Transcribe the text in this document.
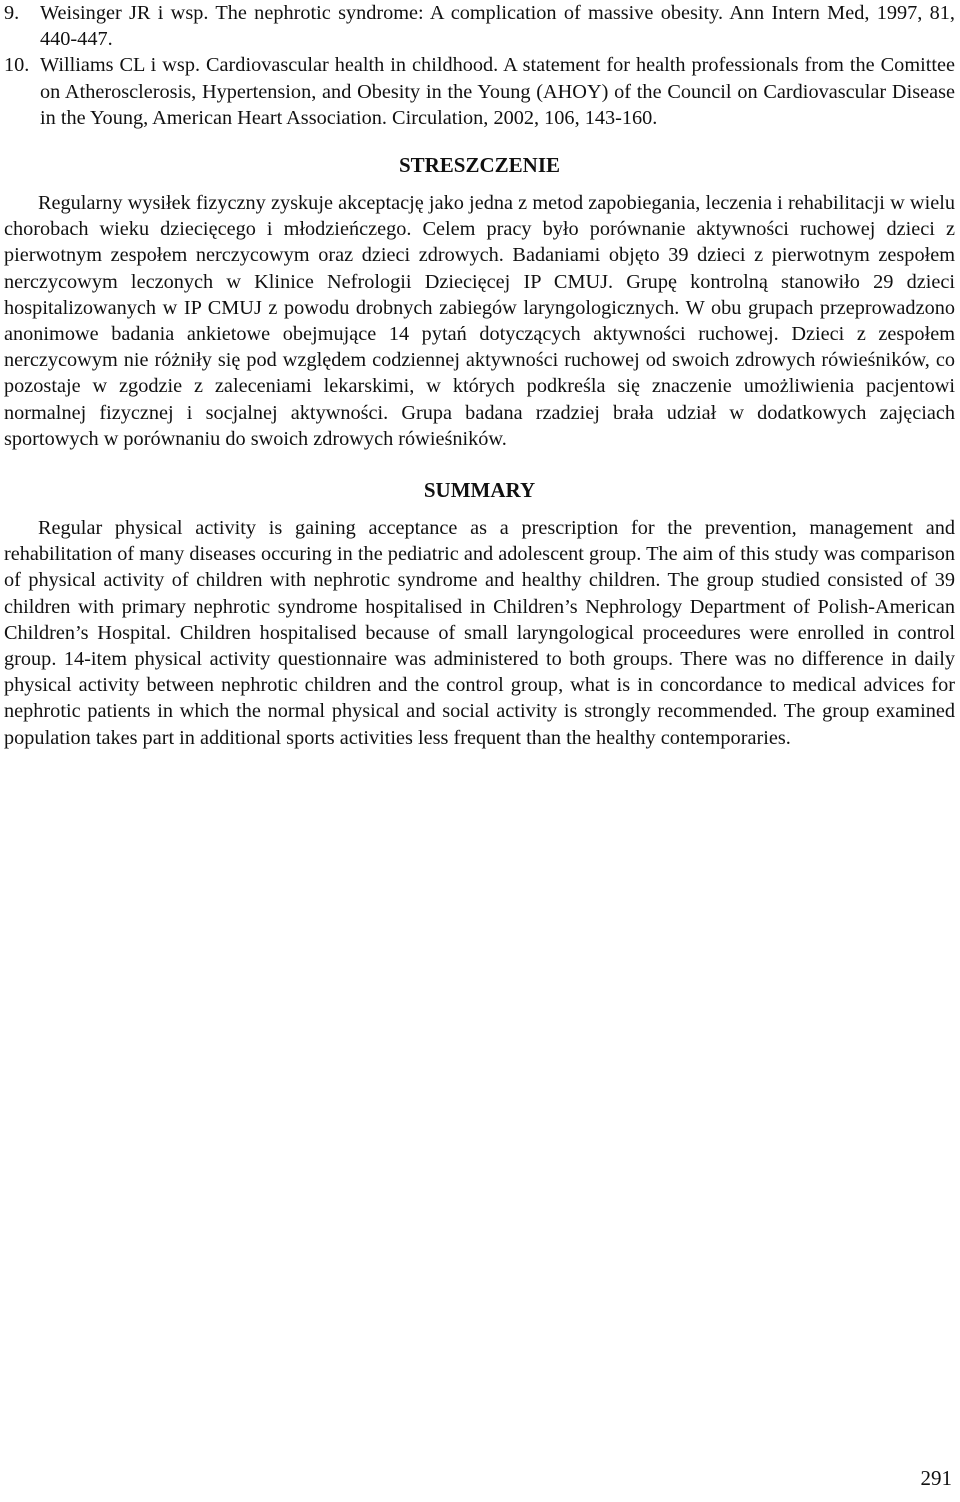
9.	Weisinger JR i wsp. The nephrotic syndrome: A complication of massive obesity. Ann Intern Med, 1997, 81, 440-447.
10. Williams CL i wsp. Cardiovascular health in childhood. A statement for health professionals from the Comittee on Atherosclerosis, Hypertension, and Obesity in the Young (AHOY) of the Council on Cardiovascular Disease in the Young, American Heart Association. Circulation, 2002, 106, 143-160.
STRESZCZENIE

Regularny wysiłek fizyczny zyskuje akceptację jako jedna z metod zapobiegania, leczenia i rehabilitacji w wielu chorobach wieku dziecięcego i młodzieńczego. Celem pracy było porównanie aktywności ruchowej dzieci z pierwotnym zespołem nerczycowym oraz dzieci zdrowych. Badaniami objęto 39 dzieci z pierwotnym zespołem nerczycowym leczonych w Klinice Nefrologii Dziecięcej IP CMUJ. Grupę kontrolną stanowiło 29 dzieci hospitalizowanych w IP CMUJ z powodu drobnych zabiegów laryngologicznych. W obu grupach przeprowadzono anonimowe badania ankietowe obejmujące 14 pytań dotyczących aktywności ruchowej. Dzieci z zespołem nerczycowym nie różniły się pod względem codziennej aktywności ruchowej od swoich zdrowych rówieśników, co pozostaje w zgodzie z zaleceniami lekarskimi, w których podkreśla się znaczenie umożliwienia pacjentowi normalnej fizycznej i socjalnej aktywności. Grupa badana rzadziej brała udział w dodatkowych zajęciach sportowych w porównaniu do swoich zdrowych rówieśników.

SUMMARY

Regular physical activity is gaining acceptance as a prescription for the prevention, management and rehabilitation of many diseases occuring in the pediatric and adolescent group. The aim of this study was comparison of physical activity of children with nephrotic syndrome and healthy children. The group studied consisted of 39 children with primary nephrotic syndrome hospitalised in Children’s Nephrology Department of Polish-American Children’s Hospital. Children hospitalised because of small laryngological proceedures were enrolled in control group. 14-item physical activity questionnaire was administered to both groups. There was no difference in daily physical activity between nephrotic children and the control group, what is in concordance to medical advices for nephrotic patients in which the normal physical and social activity is strongly recommended. The group examined population takes part in additional sports activities less frequent than the healthy contemporaries.

291
